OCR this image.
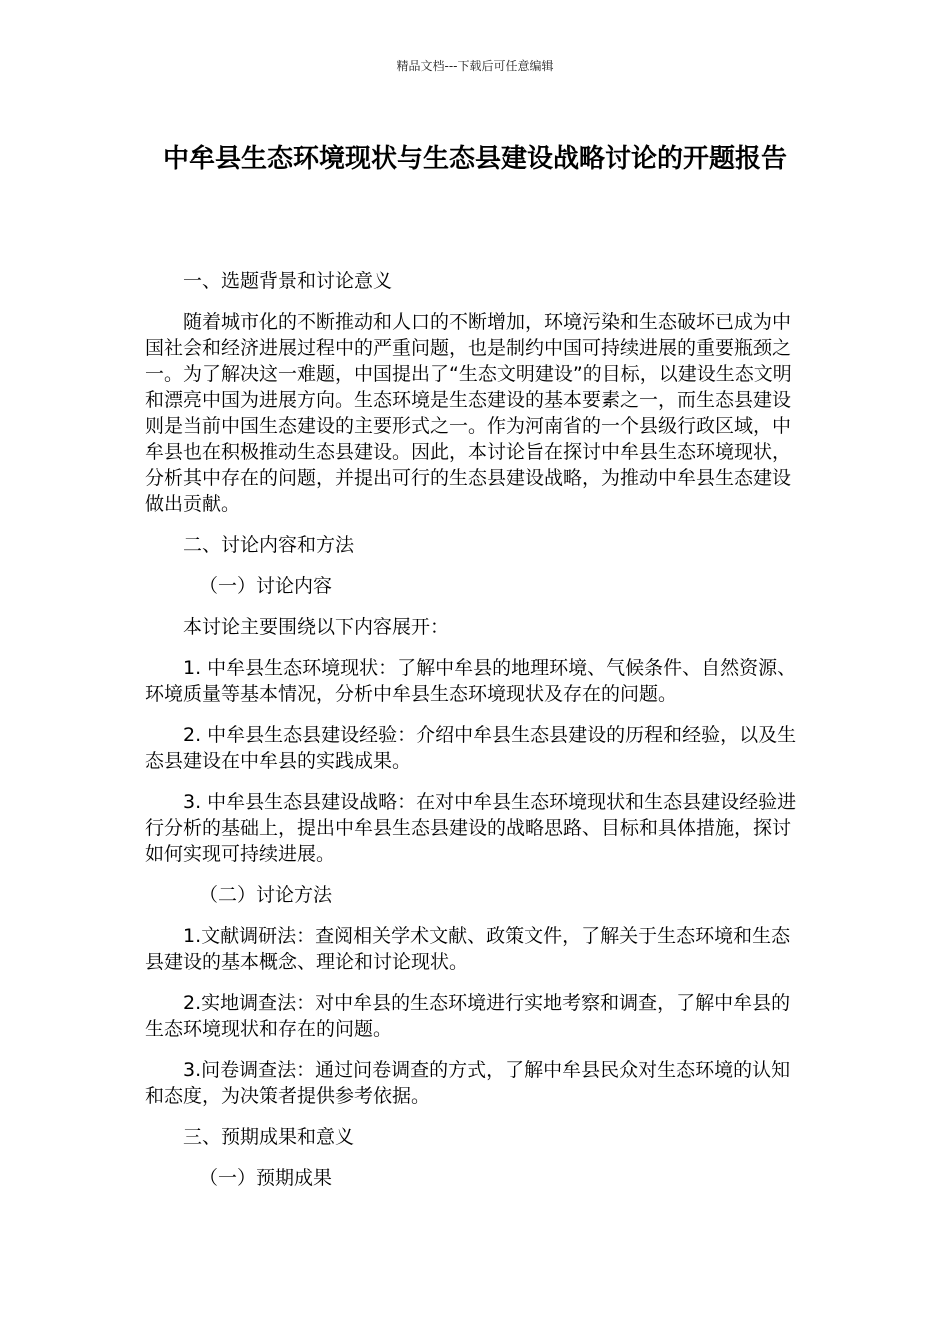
精品文档---下载后可任意编辑
中牟县生态环境现状与生态县建设战略讨论的开题报告

一、选题背景和讨论意义

随着城市化的不断推动和人口的不断增加，环境污染和生态破坏已成为中国社会和经济进展过程中的严重问题，也是制约中国可持续进展的重要瓶颈之一。为了解决这一难题，中国提出了“生态文明建设”的目标，以建设生态文明和漂亮中国为进展方向。生态环境是生态建设的基本要素之一，而生态县建设则是当前中国生态建设的主要形式之一。作为河南省的一个县级行政区域，中牟县也在积极推动生态县建设。因此，本讨论旨在探讨中牟县生态环境现状，分析其中存在的问题，并提出可行的生态县建设战略，为推动中牟县生态建设做出贡献。

二、讨论内容和方法

（一）讨论内容

本讨论主要围绕以下内容展开：

1. 中牟县生态环境现状：了解中牟县的地理环境、气候条件、自然资源、环境质量等基本情况，分析中牟县生态环境现状及存在的问题。

2. 中牟县生态县建设经验：介绍中牟县生态县建设的历程和经验，以及生态县建设在中牟县的实践成果。

3. 中牟县生态县建设战略：在对中牟县生态环境现状和生态县建设经验进行分析的基础上，提出中牟县生态县建设的战略思路、目标和具体措施，探讨如何实现可持续进展。

（二）讨论方法

1.文献调研法：查阅相关学术文献、政策文件，了解关于生态环境和生态县建设的基本概念、理论和讨论现状。

2.实地调查法：对中牟县的生态环境进行实地考察和调查，了解中牟县的生态环境现状和存在的问题。

3.问卷调查法：通过问卷调查的方式，了解中牟县民众对生态环境的认知和态度，为决策者提供参考依据。

三、预期成果和意义

（一）预期成果
